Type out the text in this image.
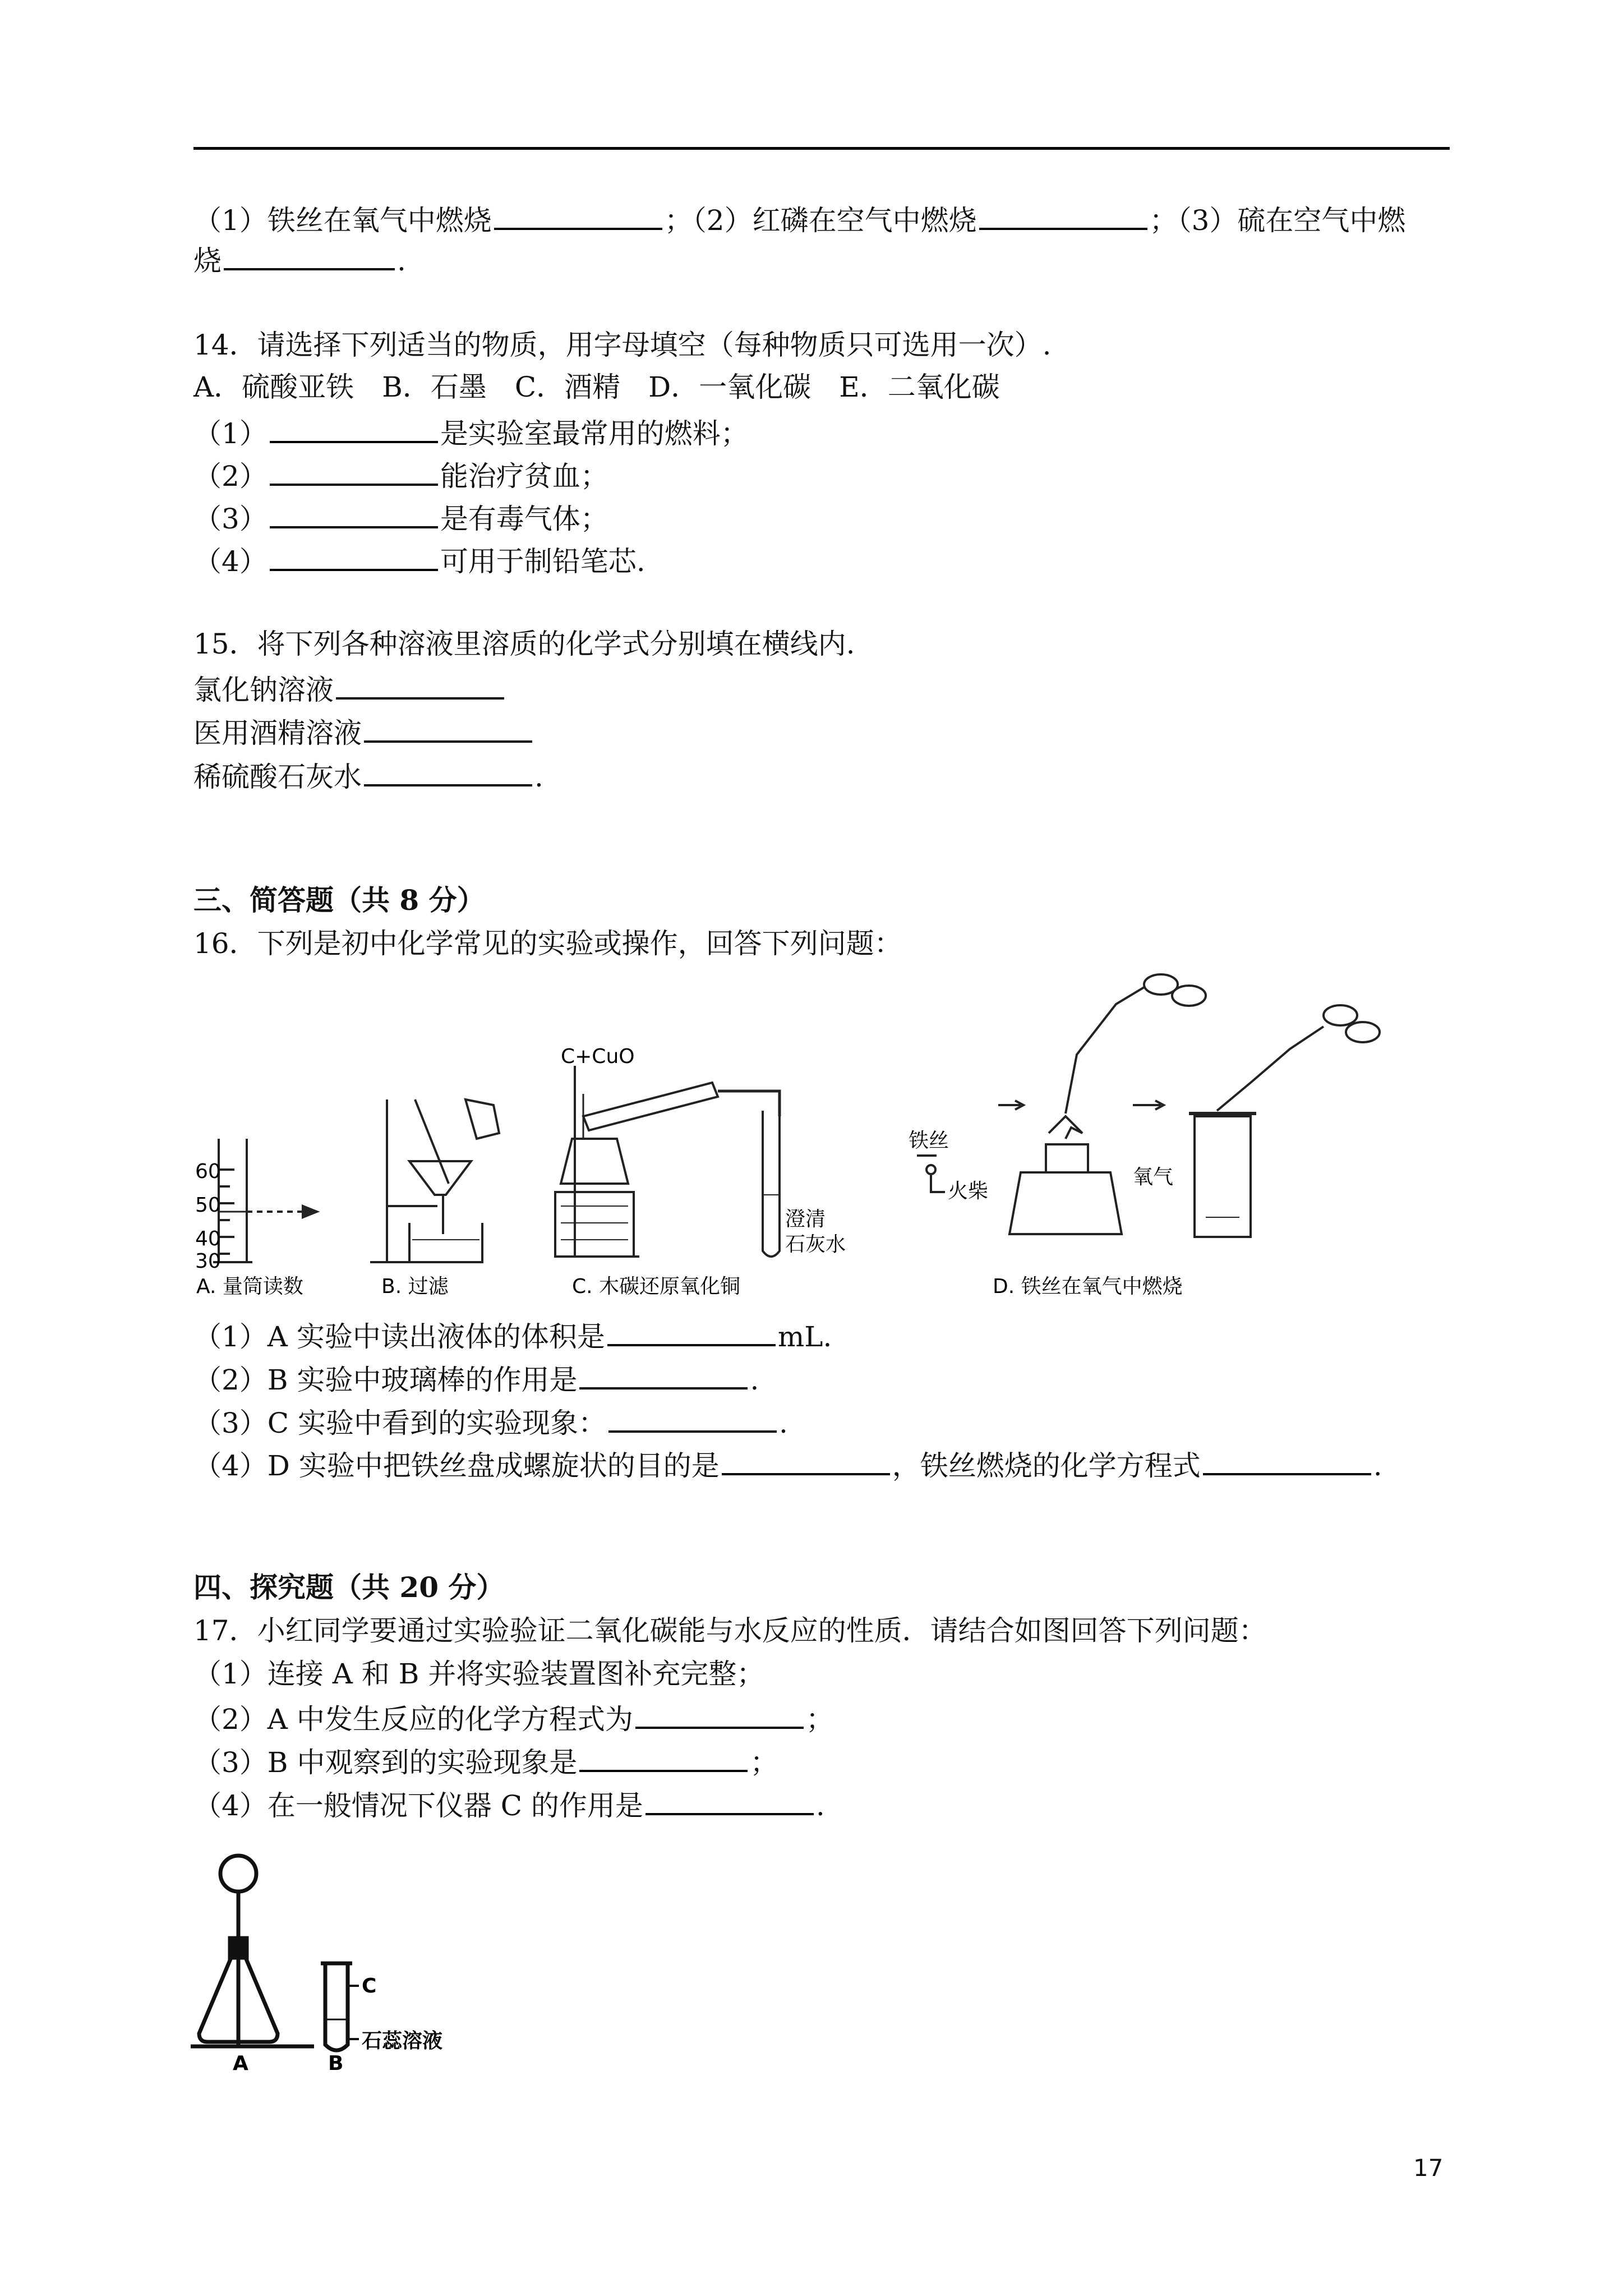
（1）铁丝在氧气中燃烧	；（2）红磷在空气中燃烧	；（3）硫在空气中燃
烧	.
14．请选择下列适当的物质，用字母填空（每种物质只可选用一次）.
A．硫酸亚铁　B．石墨　C．酒精　D．一氧化碳　E．二氧化碳
（1）	是实验室最常用的燃料；
（2）	能治疗贫血；
（3）	是有毒气体；
（4）	可用于制铅笔芯.
15．将下列各种溶液里溶质的化学式分别填在横线内.
氯化钠溶液
医用酒精溶液
稀硫酸石灰水	.
三、简答题（共 8 分）
16．下列是初中化学常见的实验或操作，回答下列问题：
60
50
40
30
C+CuO
澄清
石灰水
铁丝
火柴
氧气
A. 量筒读数	B. 过滤	C. 木碳还原氧化铜	D. 铁丝在氧气中燃烧
（1）A 实验中读出液体的体积是	mL.
（2）B 实验中玻璃棒的作用是	.
（3）C 实验中看到的实验现象：	.
（4）D 实验中把铁丝盘成螺旋状的目的是	，铁丝燃烧的化学方程式	.
四、探究题（共 20 分）
17．小红同学要通过实验验证二氧化碳能与水反应的性质．请结合如图回答下列问题：
（1）连接 A 和 B 并将实验装置图补充完整；
（2）A 中发生反应的化学方程式为	；
（3）B 中观察到的实验现象是	；
（4）在一般情况下仪器 C 的作用是	.
A	B
C
石蕊溶液
17
